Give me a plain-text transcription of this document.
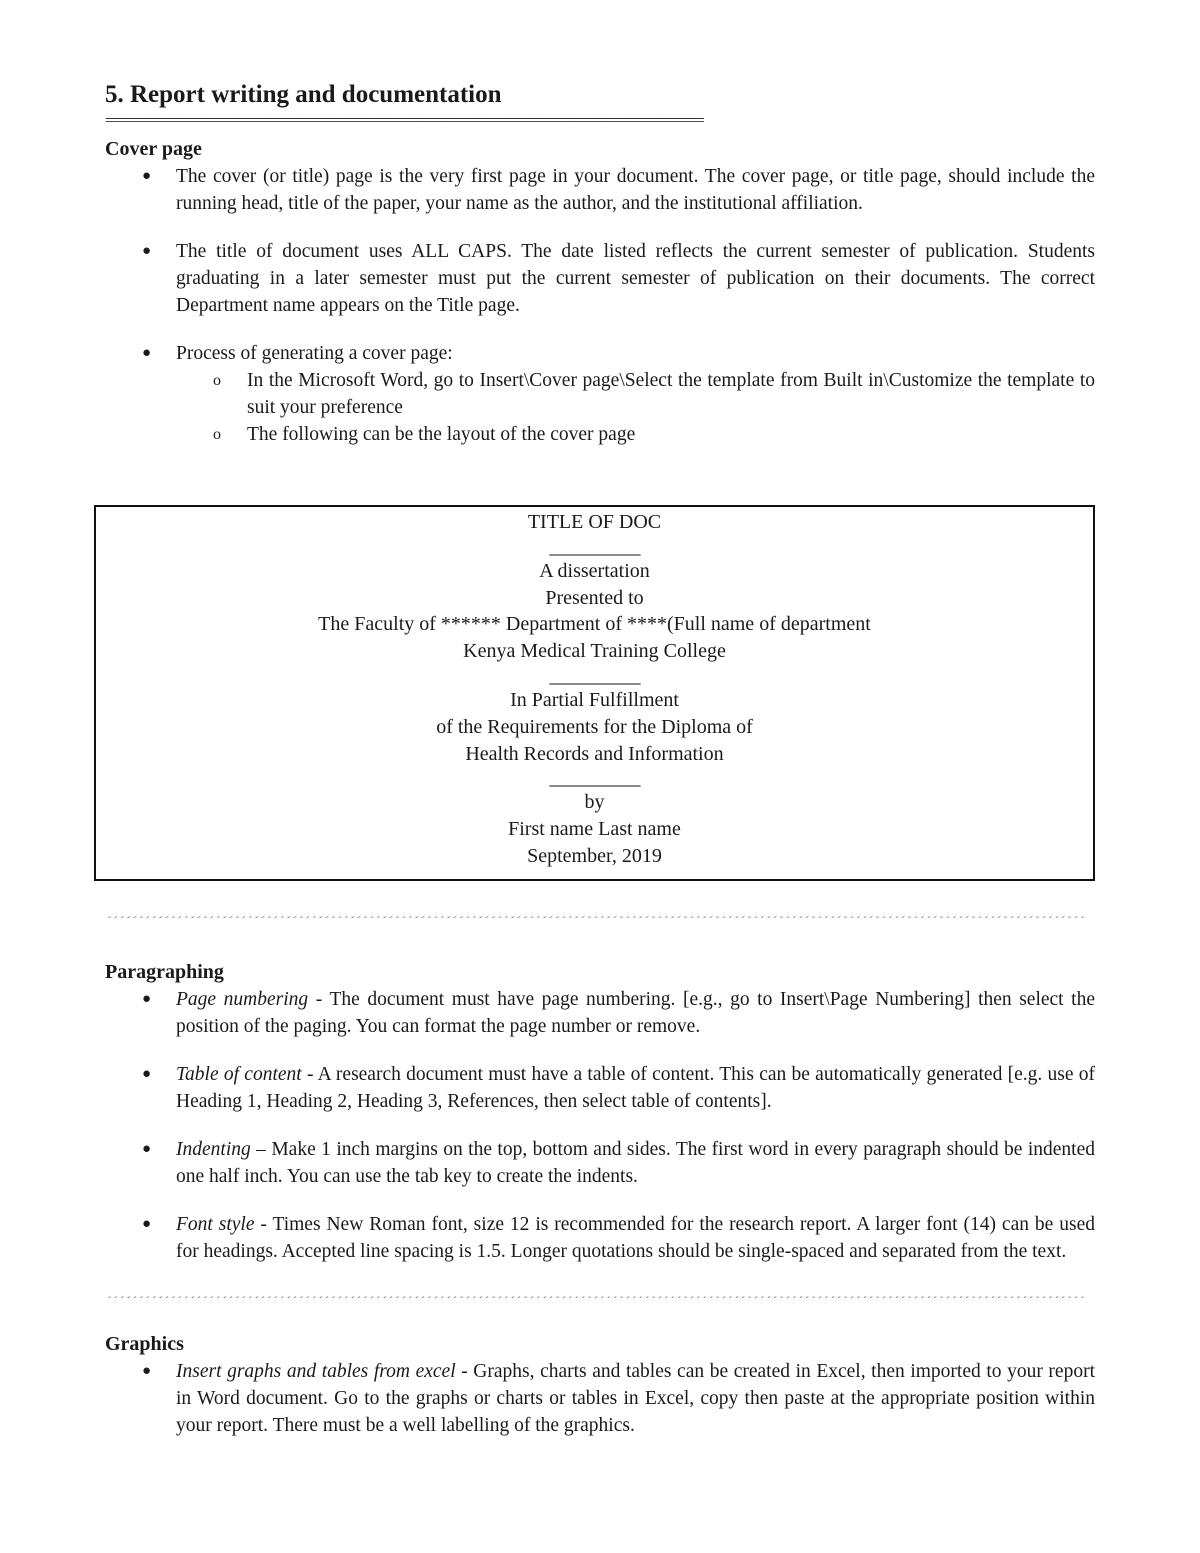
5. Report writing and documentation
==================================================================================================
Cover page
● The cover (or title) page is the very first page in your document. The cover page, or title page, should include the running head, title of the paper, your name as the author, and the institutional affiliation.
● The title of document uses ALL CAPS. The date listed reflects the current semester of publication. Students graduating in a later semester must put the current semester of publication on their documents. The correct Department name appears on the Title page.
● Process of generating a cover page:
o In the Microsoft Word, go to Insert\Cover page\Select the template from Built in\Customize the template to suit your preference
o The following can be the layout of the cover page
TITLE OF DOC
__________
A dissertation
Presented to
The Faculty of ****** Department of ****(Full name of department
Kenya Medical Training College
__________
In Partial Fulfillment
of the Requirements for the Diploma of
Health Records and Information
__________
by
First name Last name
September, 2019
´´´´´´´´´´´´´´´´´´´´´´´´´´´´´´´´´´´´´´´´´´´´´´´´´´´´´´´´´´´´´´´´´´´´´´´´´´´´´´´´´´´´´´´´´´´´´´´´´´´´´´´´´´´´´´´´´´´´´´´´´´´´´´´´´´´´´´´´´´´´´´´´´´´´´´´´´
Paragraphing
● Page numbering - The document must have page numbering. [e.g., go to Insert\Page Numbering] then select the position of the paging. You can format the page number or remove.
● Table of content - A research document must have a table of content. This can be automatically generated [e.g. use of Heading 1, Heading 2, Heading 3, References, then select table of contents].
● Indenting – Make 1 inch margins on the top, bottom and sides. The first word in every paragraph should be indented one half inch. You can use the tab key to create the indents.
● Font style - Times New Roman font, size 12 is recommended for the research report. A larger font (14) can be used for headings. Accepted line spacing is 1.5. Longer quotations should be single-spaced and separated from the text.
´´´´´´´´´´´´´´´´´´´´´´´´´´´´´´´´´´´´´´´´´´´´´´´´´´´´´´´´´´´´´´´´´´´´´´´´´´´´´´´´´´´´´´´´´´´´´´´´´´´´´´´´´´´´´´´´´´´´´´´´´´´´´´´´´´´´´´´´´´´´´´´´´´´´´´´´´
Graphics
● Insert graphs and tables from excel - Graphs, charts and tables can be created in Excel, then imported to your report in Word document. Go to the graphs or charts or tables in Excel, copy then paste at the appropriate position within your report. There must be a well labelling of the graphics.
